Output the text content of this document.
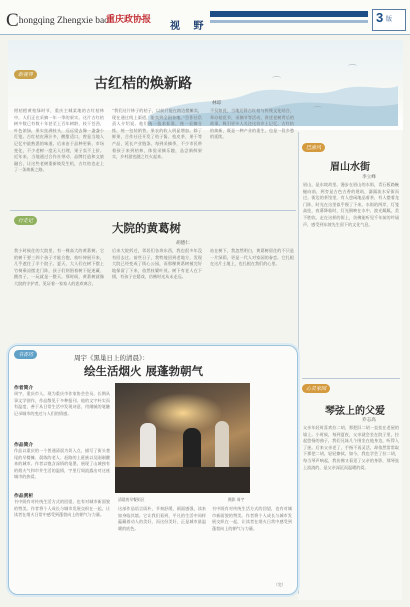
Chongqing Zhengxie bao
重庆政协报
视 野
3 版
⌒
⌒
⌒
新视界
古红桔的焕新路
林琼
柑桔橙黄桔绿时节，重庆主城某地的古红桔林中，人们正在采摘一年一季的果实。这片古红桔树多数已有数十年甚至上百年树龄，枝干苍劲，叶色浓绿，果实挂满枝头，远远望去像一盏盏小灯笼。古红桔皮薄汁多，酸甜适口，曾是当地人记忆中最熟悉的味道。后来由于品种更新、市场变化，不少老树一度无人打理，果子卖不上价。近年来，当地通过合作社带动、品牌打造和文旅融合，让这些老树重新焕发生机，古红桔也走上了一条焕新之路。
“我们这片林子的桔子，以前只能在路边摆摊卖，现在通过线上渠道，能卖到全国各地。”合作社负责人介绍说。他们统一技术标准，统一采摘分拣，统一包装销售，果农的收入明显增加。除了鲜果，合作社还开发了桔子酱、桔皮茶、果干等产品，延长产业链条。每到采摘季，不少市民带着孩子来到桔林，体验采摘乐趣，品尝新鲜果实，乡村游也随之红火起来。
不仅如此，当地还将古红桔与传统文化结合，举办桔花节、采摘节等活动，讲述老树背后的故事，吸引更多人关注这份乡土记忆。古红桔的焕新，既是一种产业的重生，也是一段乡愁的延续。
行走记	大院的黄葛树
胡德仁
我小时候住的大院里，有一棵高大的黄葛树。它的树干要三四个孩子才能合抱，枝叶伸展开来，几乎遮住了半个院子。夏天，大人们在树下摆上竹椅乘凉摆龙门阵，孩子们则围着树干捉迷藏、跳房子，一玩就是一整天。那时候，黄葛树就像大院的守护者，见证着一家家人的悲欢离合。
后来大院拆迁，邻居们各奔东西，我也很多年没有回去过。前些日子，我特地回到老地方，发现大院已经变成了街心公园，而那棵黄葛树被完好地保留了下来，依然枝繁叶茂。树下有老人在下棋，有孩子在嬉戏，仿佛时光从未走远。
站在树下，我忽然明白，黄葛树留住的不只是一片绿荫，更是一代人对家园的眷恋。它扎根在这片土地上，也扎根在我们的心里。
巴渝风
眉山水街
李立峰
眉山，是东坡故里。漫步在眉山的水街，青石板路蜿蜒向前，两旁是古色古香的建筑，潺潺流水穿街而过。街边的茶馆里，有人悠闲地品着茶，有人摆着龙门阵，时光在这里似乎慢了下来。水街的两岸，灯笼高挂，夜幕降临时，灯光倒映在水中，波光粼粼，美不胜收。走在这样的街上，仿佛能听见千年前的吟诵声，感受到东坡先生留下的文化气息。
心灵家园
琴弦上的父爱
乔志高
父亲年轻时喜欢拉二胡，那把旧二胡一直挂在老屋的墙上。小时候，每到夏夜，父亲就会坐在院子里，拉起悠扬的曲子，我们兄妹几个围坐在他身边，听得入了迷。后来父亲老了，手指不再灵活，却依然常常取下那把二胡，轻轻擦拭。如今，我也学会了拉二胡，每当琴声响起，我仿佛又看见了父亲的身影，那琴弦上流淌的，是父亲深沉而温暖的爱。
书香坊	周宇《黑巢日上的清晨》：
绘生活烟火 展蓬勃朝气
作者简介
周宇，重庆市人，现为重庆市作家协会会员。长期从事文学创作，作品散见于多种报刊。他的文字朴实而有温度，善于从日常生活中发现诗意，用细腻的笔触记录城市的变迁与人们的情感。
作品简介
作品以重庆的一个普通清晨为切入点，描写了街头巷尾的早餐摊、晨练的老人、赶路的上班族以及刚刚醒来的城市。作者以饱含深情的笔墨，展现了山城独有的烟火气和市井生活的温情，字里行间流露出对这座城市的热爱。
作品赏析
书中既有对传统生活方式的回望，也有对城市新面貌的赞美。作者将个人成长与城市发展交织在一起，让读者在烟火日常中感受到蓬勃向上的朝气与力量。
清晨的早餐街区	摄影 周宇
这部作品语言质朴，节奏舒缓，画面感强，读来如身临其境。它让我们看到，平凡的生活中同样蕴藏着动人的美好，而这份美好，正是城市最温暖的底色。
书中既有对传统生活方式的回望，也有对城市新面貌的赞美。作者将个人成长与城市发展交织在一起，让读者在烟火日常中感受到蓬勃向上的朝气与力量。
（完）
